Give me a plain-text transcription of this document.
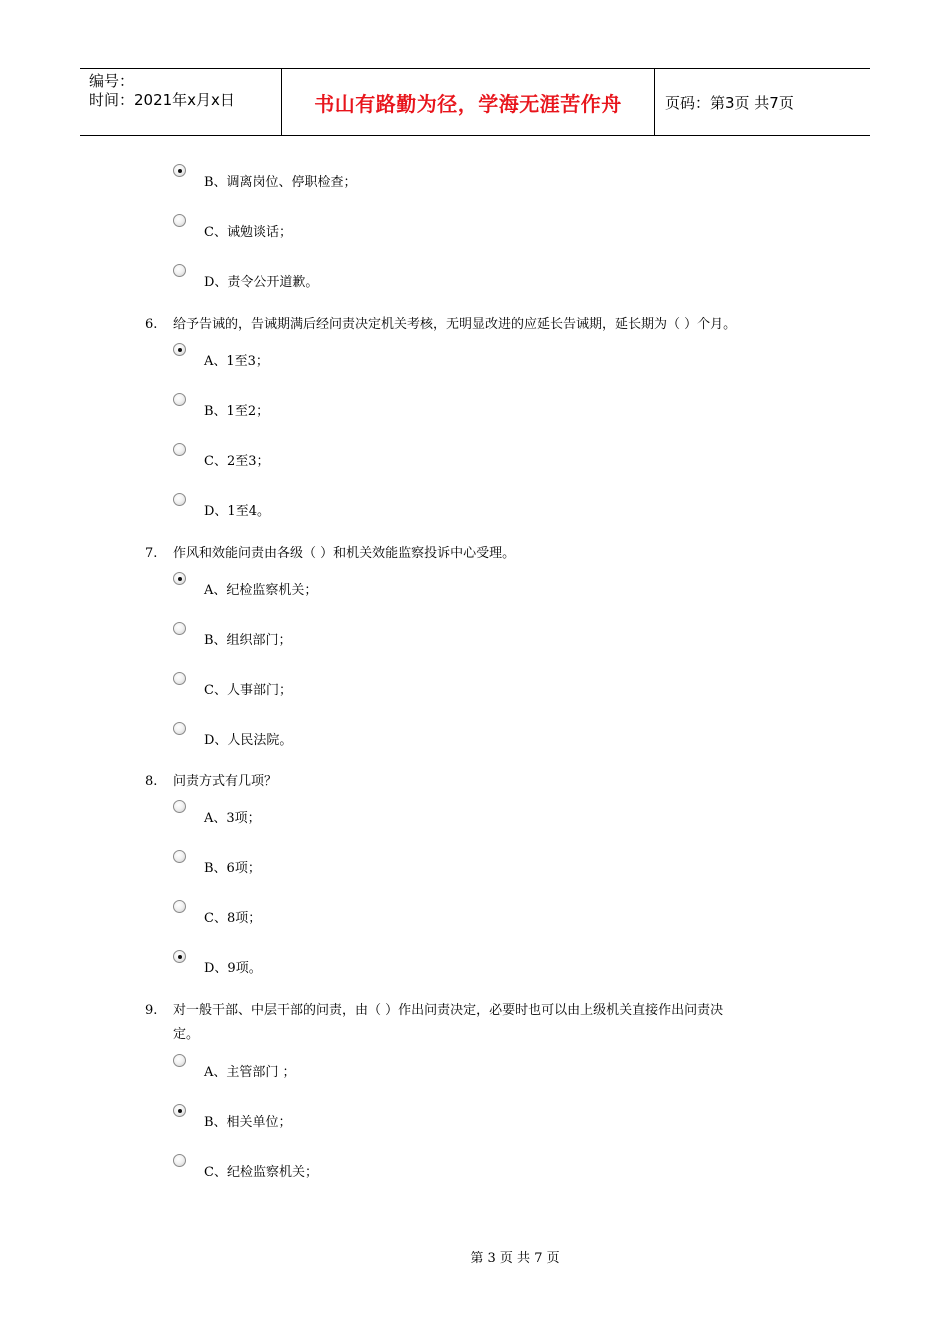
编号：
时间：2021年x月x日	书山有路勤为径，学海无涯苦作舟	页码：第3页 共7页
B、调离岗位、停职检查；
C、诫勉谈话；
D、责令公开道歉。
6. 给予告诫的，告诫期满后经问责决定机关考核，无明显改进的应延长告诫期，延长期为（ ）个月。
A、1至3；
B、1至2；
C、2至3；
D、1至4。
7. 作风和效能问责由各级（ ）和机关效能监察投诉中心受理。
A、纪检监察机关；
B、组织部门；
C、人事部门；
D、人民法院。
8. 问责方式有几项？
A、3项；
B、6项；
C、8项；
D、9项。
9. 对一般干部、中层干部的问责，由（ ）作出问责决定，必要时也可以由上级机关直接作出问责决
定。
A、主管部门 ；
B、相关单位；
C、纪检监察机关；
第 3 页 共 7 页
